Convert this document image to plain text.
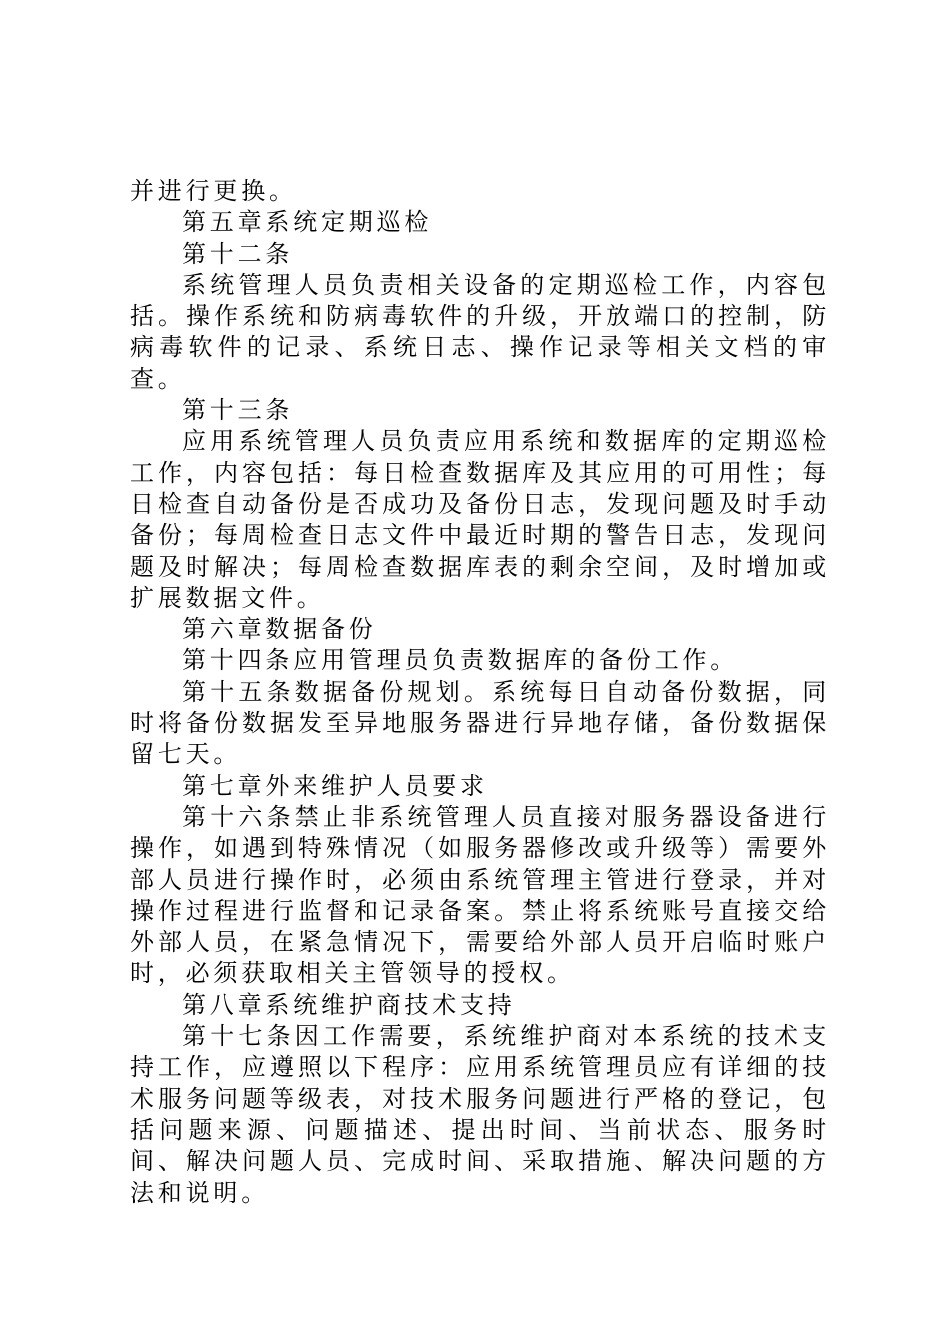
并进行更换。

第五章系统定期巡检

第十二条

系统管理人员负责相关设备的定期巡检工作，内容包括。操作系统和防病毒软件的升级，开放端口的控制，防病毒软件的记录、系统日志、操作记录等相关文档的审查。

第十三条

应用系统管理人员负责应用系统和数据库的定期巡检工作，内容包括：每日检查数据库及其应用的可用性；每日检查自动备份是否成功及备份日志，发现问题及时手动备份；每周检查日志文件中最近时期的警告日志，发现问题及时解决；每周检查数据库表的剩余空间，及时增加或扩展数据文件。

第六章数据备份

第十四条应用管理员负责数据库的备份工作。

第十五条数据备份规划。系统每日自动备份数据，同时将备份数据发至异地服务器进行异地存储，备份数据保留七天。

第七章外来维护人员要求

第十六条禁止非系统管理人员直接对服务器设备进行操作，如遇到特殊情况（如服务器修改或升级等）需要外部人员进行操作时，必须由系统管理主管进行登录，并对操作过程进行监督和记录备案。禁止将系统账号直接交给外部人员，在紧急情况下，需要给外部人员开启临时账户时，必须获取相关主管领导的授权。

第八章系统维护商技术支持

第十七条因工作需要，系统维护商对本系统的技术支持工作，应遵照以下程序：应用系统管理员应有详细的技术服务问题等级表，对技术服务问题进行严格的登记，包括问题来源、问题描述、提出时间、当前状态、服务时间、解决问题人员、完成时间、采取措施、解决问题的方法和说明。
